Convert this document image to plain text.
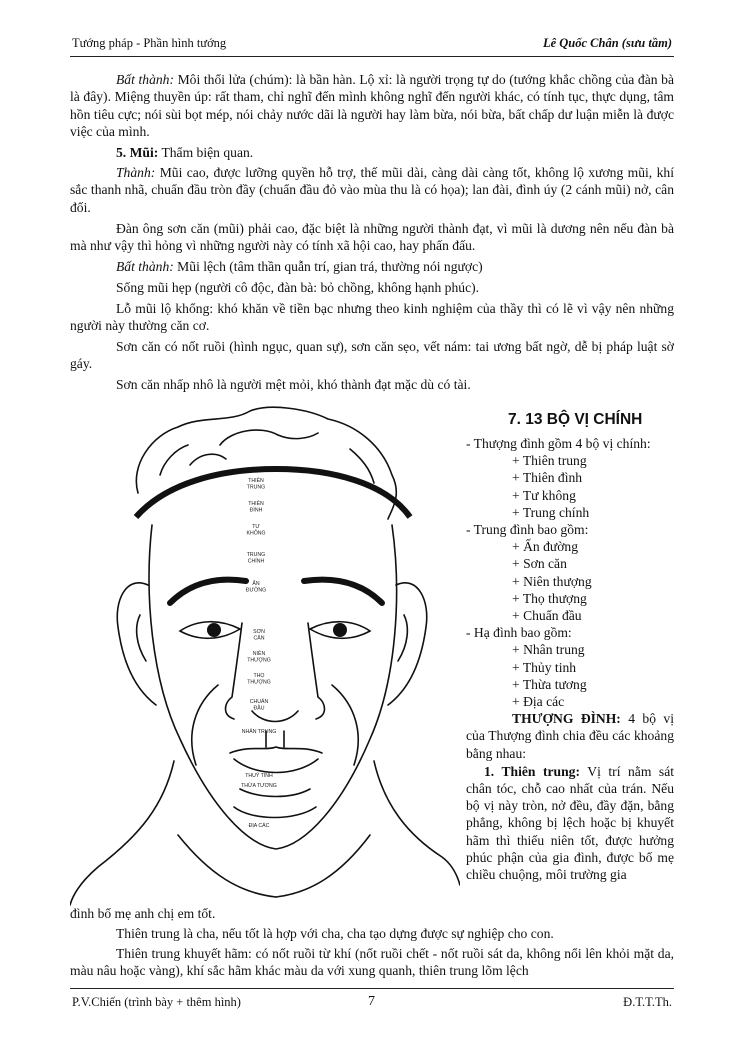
Tướng pháp - Phần hình tướng	Lê Quốc Chân (sưu tầm)

Bất thành: Môi thổi lửa (chúm): là bần hàn. Lộ xỉ: là người trọng tự do (tướng khắc chồng của đàn bà là đây). Miệng thuyền úp: rất tham, chỉ nghĩ đến mình không nghĩ đến người khác, có tính tục, thực dụng, tâm hồn tiêu cực; nói sùi bọt mép, nói chảy nước dãi là người hay làm bừa, nói bừa, bất chấp dư luận miễn là được việc của mình.

5. Mũi: Thẩm biện quan.

Thành: Mũi cao, được lưỡng quyền hỗ trợ, thế mũi dài, càng dài càng tốt, không lộ xương mũi, khí sắc thanh nhã, chuẩn đầu tròn đầy (chuẩn đầu đỏ vào mùa thu là có họa); lan đài, đình úy (2 cánh mũi) nở, cân đối.

Đàn ông sơn căn (mũi) phải cao, đặc biệt là những người thành đạt, vì mũi là dương nên nếu đàn bà mà như vậy thì hỏng vì những người này có tính xã hội cao, hay phấn đấu.

Bất thành: Mũi lệch (tâm thần quẫn trí, gian trá, thường nói ngược)

Sống mũi hẹp (người cô độc, đàn bà: bỏ chồng, không hạnh phúc).

Lỗ mũi lộ khổng: khó khăn về tiền bạc nhưng theo kinh nghiệm của thầy thì có lẽ vì vậy nên những người này thường căn cơ.

Sơn căn có nốt ruồi (hình ngục, quan sự), sơn căn sẹo, vết nám: tai ương bất ngờ, dễ bị pháp luật sờ gáy.

Sơn căn nhấp nhô là người mệt mỏi, khó thành đạt mặc dù có tài.

7. 13 BỘ VỊ CHÍNH
- Thượng đình gồm 4 bộ vị chính:
+ Thiên trung
+ Thiên đình
+ Tư không
+ Trung chính
- Trung đình bao gồm:
+ Ấn đường
+ Sơn căn
+ Niên thượng
+ Thọ thượng
+ Chuẩn đầu
- Hạ đình bao gồm:
+ Nhân trung
+ Thủy tinh
+ Thừa tương
+ Địa các
THƯỢNG ĐÌNH: 4 bộ vị của Thượng đình chia đều các khoảng bằng nhau:
1. Thiên trung: Vị trí nằm sát chân tóc, chỗ cao nhất của trán. Nếu bộ vị này tròn, nở đều, đầy đặn, bằng phẳng, không bị lệch hoặc bị khuyết hãm thì thiếu niên tốt, được hưởng phúc phận của gia đình, được bố mẹ chiều chuộng, môi trường gia
THIÊN TRUNG
THIÊN ĐÌNH
TƯ KHÔNG
TRUNG CHÍNH
ẤN ĐƯỜNG
SƠN CĂN
NIÊN THƯỢNG
THỌ THƯỢNG
CHUẨN ĐẦU
NHÂN TRUNG
THUỶ TINH
THỪA TƯƠNG
ĐỊA CÁC

đình bố mẹ anh chị em tốt.

Thiên trung là cha, nếu tốt là hợp với cha, cha tạo dựng được sự nghiệp cho con.

Thiên trung khuyết hãm: có nốt ruồi từ khí (nốt ruồi chết - nốt ruồi sát da, không nổi lên khỏi mặt da, màu nâu hoặc vàng), khí sắc hãm khác màu da với xung quanh, thiên trung lõm lệch

P.V.Chiến (trình bày + thêm hình)	7	Đ.T.T.Th.
